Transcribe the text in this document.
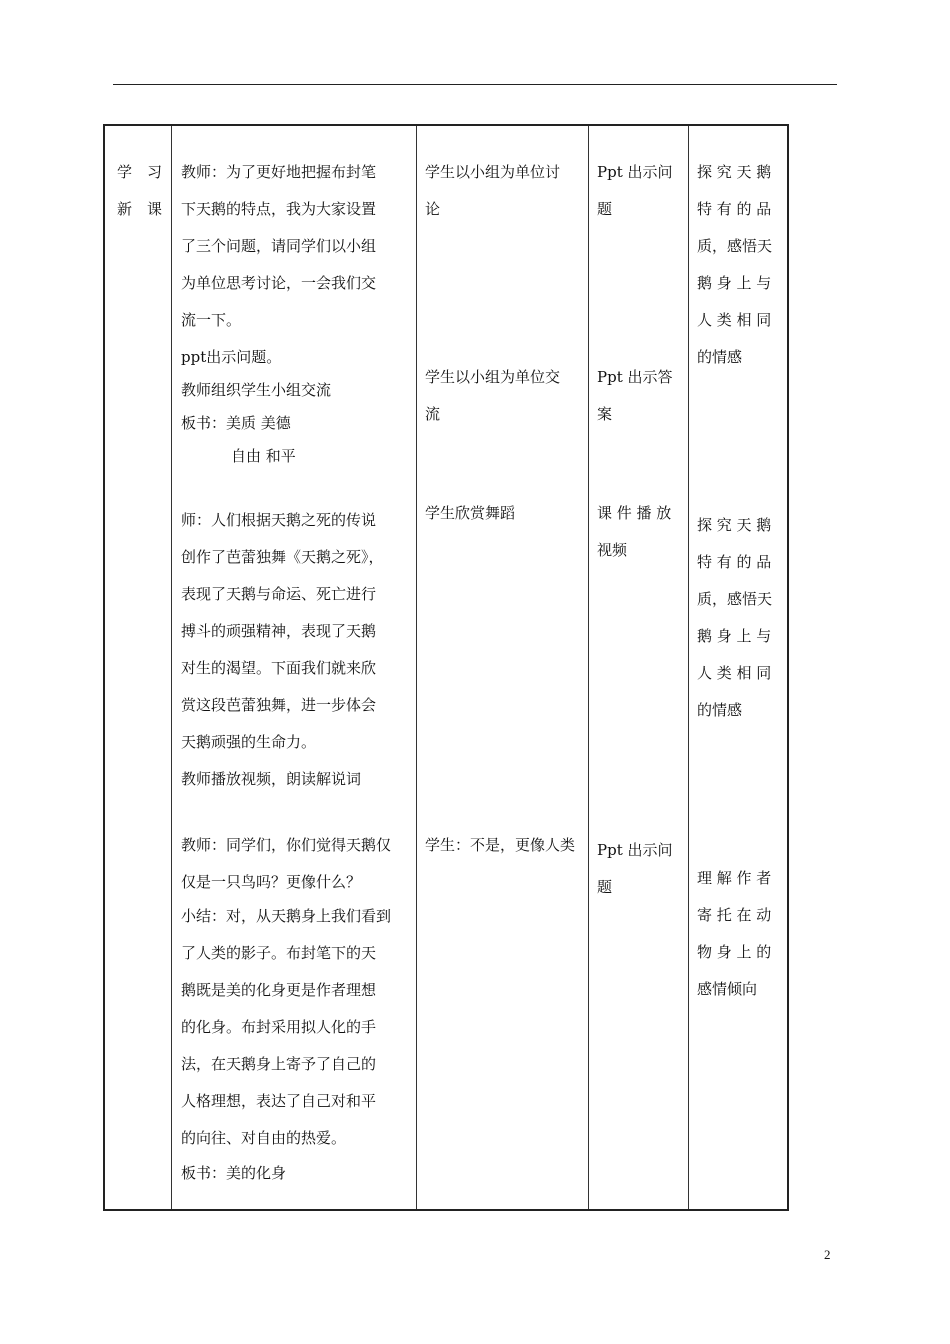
学　习
新　课
教师：为了更好地把握布封笔
下天鹅的特点，我为大家设置
了三个问题，请同学们以小组
为单位思考讨论，一会我们交
流一下。
ppt出示问题。
教师组织学生小组交流
板书：美质 美德
自由 和平
师：人们根据天鹅之死的传说
创作了芭蕾独舞《天鹅之死》，
表现了天鹅与命运、死亡进行
搏斗的顽强精神，表现了天鹅
对生的渴望。下面我们就来欣
赏这段芭蕾独舞，进一步体会
天鹅顽强的生命力。
教师播放视频，朗读解说词
教师：同学们，你们觉得天鹅仅
仅是一只鸟吗？更像什么？
小结：对，从天鹅身上我们看到
了人类的影子。布封笔下的天
鹅既是美的化身更是作者理想
的化身。布封采用拟人化的手
法，在天鹅身上寄予了自己的
人格理想，表达了自己对和平
的向往、对自由的热爱。
板书：美的化身
学生以小组为单位讨
论
学生以小组为单位交
流
学生欣赏舞蹈
学生：不是，更像人类
Ppt 出示问
题
Ppt 出示答
案
课 件 播 放
视频
Ppt 出示问
题
探 究 天 鹅
特 有 的 品
质，感悟天
鹅 身 上 与
人 类 相 同
的情感
探 究 天 鹅
特 有 的 品
质，感悟天
鹅 身 上 与
人 类 相 同
的情感
理 解 作 者
寄 托 在 动
物 身 上 的
感情倾向
2
